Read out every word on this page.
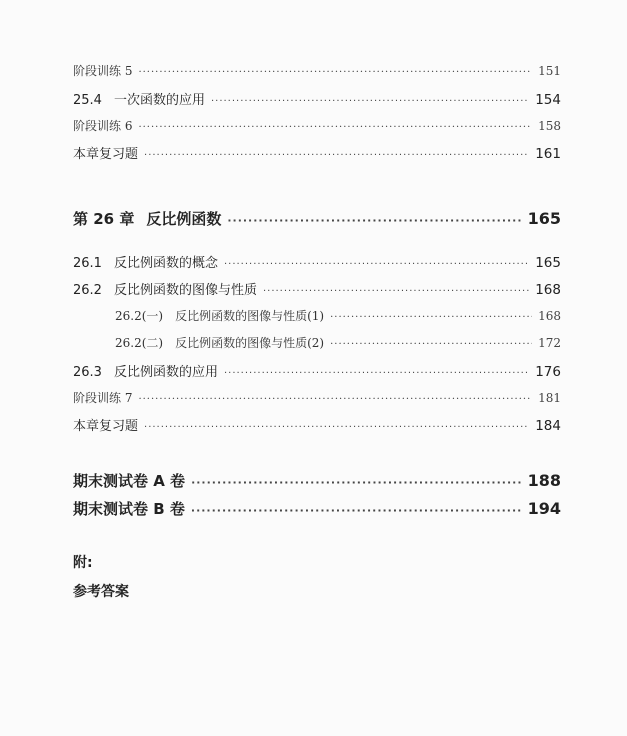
阶段训练 5 ·····	151
25.4 一次函数的应用 ·····	154
阶段训练 6 ·····	158
本章复习题 ·····	161
第 26 章 反比例函数 ·····	165
26.1 反比例函数的概念 ·····	165
26.2 反比例函数的图像与性质 ·····	168
26.2(一) 反比例函数的图像与性质(1) ·····	168
26.2(二) 反比例函数的图像与性质(2) ·····	172
26.3 反比例函数的应用 ·····	176
阶段训练 7 ·····	181
本章复习题 ·····	184
期末测试卷 A 卷 ·····	188
期末测试卷 B 卷 ·····	194
附:
参考答案
